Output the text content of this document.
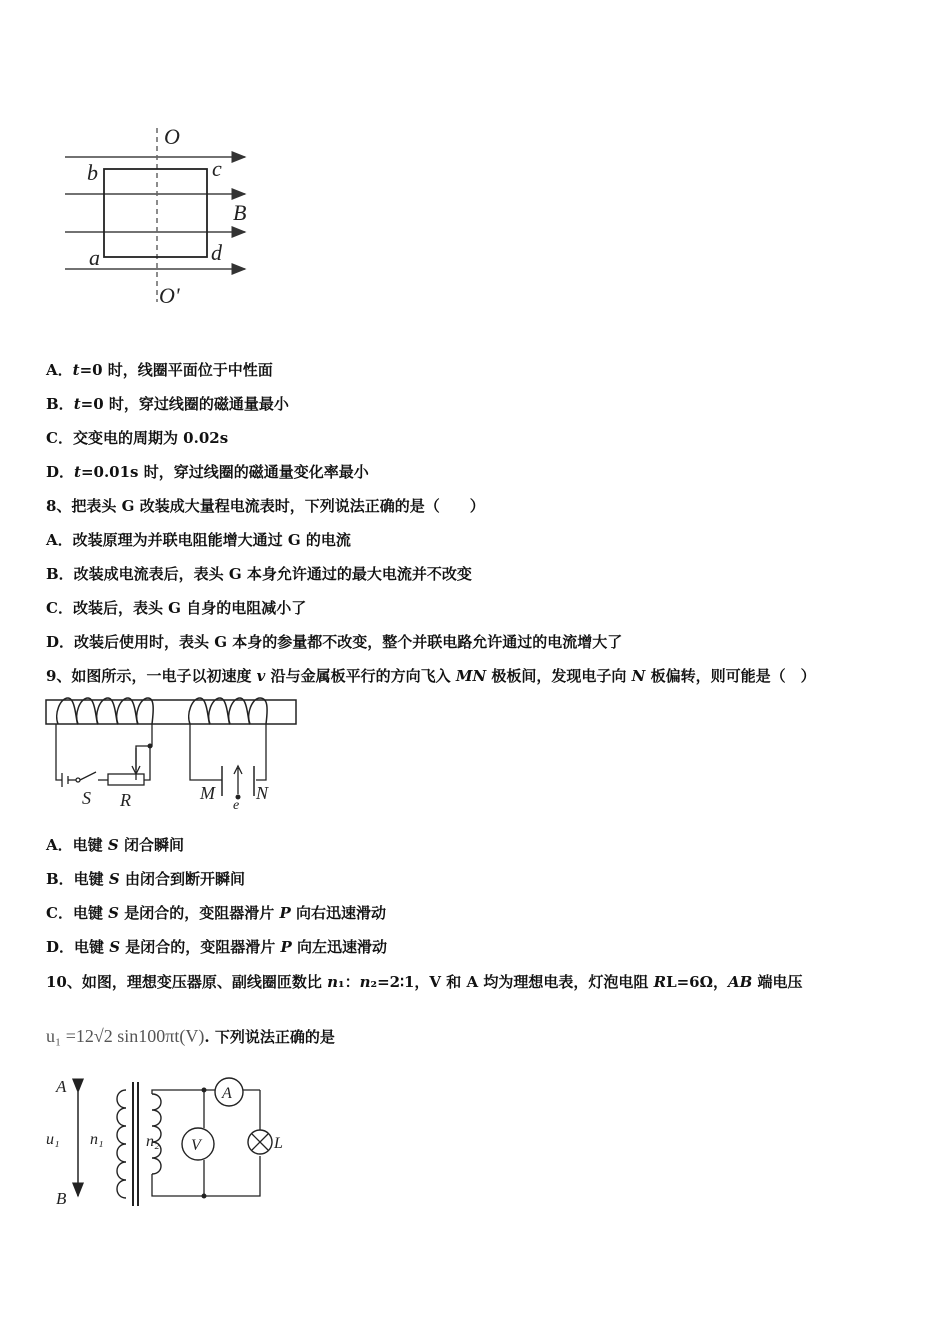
O
O'
b	c
a	d
B
A．t=0 时，线圈平面位于中性面
B．t=0 时，穿过线圈的磁通量最小
C．交变电的周期为 0.02s
D．t=0.01s 时，穿过线圈的磁通量变化率最小
8、把表头 G 改装成大量程电流表时，下列说法正确的是（　　）
A．改装原理为并联电阻能增大通过 G 的电流
B．改装成电流表后，表头 G 本身允许通过的最大电流并不改变
C．改装后，表头 G 自身的电阻减小了
D．改装后使用时，表头 G 本身的参量都不改变，整个并联电路允许通过的电流增大了
9、如图所示，一电子以初速度 v 沿与金属板平行的方向飞入 MN 极板间，发现电子向 N 板偏转，则可能是（　）
S R	M N
e
A．电键 S 闭合瞬间
B．电键 S 由闭合到断开瞬间
C．电键 S 是闭合的，变阻器滑片 P 向右迅速滑动
D．电键 S 是闭合的，变阻器滑片 P 向左迅速滑动
10、如图，理想变压器原、副线圈匝数比 n₁：n₂=2∶1，V 和 A 均为理想电表，灯泡电阻 RL=6Ω，AB 端电压
u₁ =12√2 sin100πt(V). 下列说法正确的是
A
B
u₁ n₁	n₂
A
V	L
